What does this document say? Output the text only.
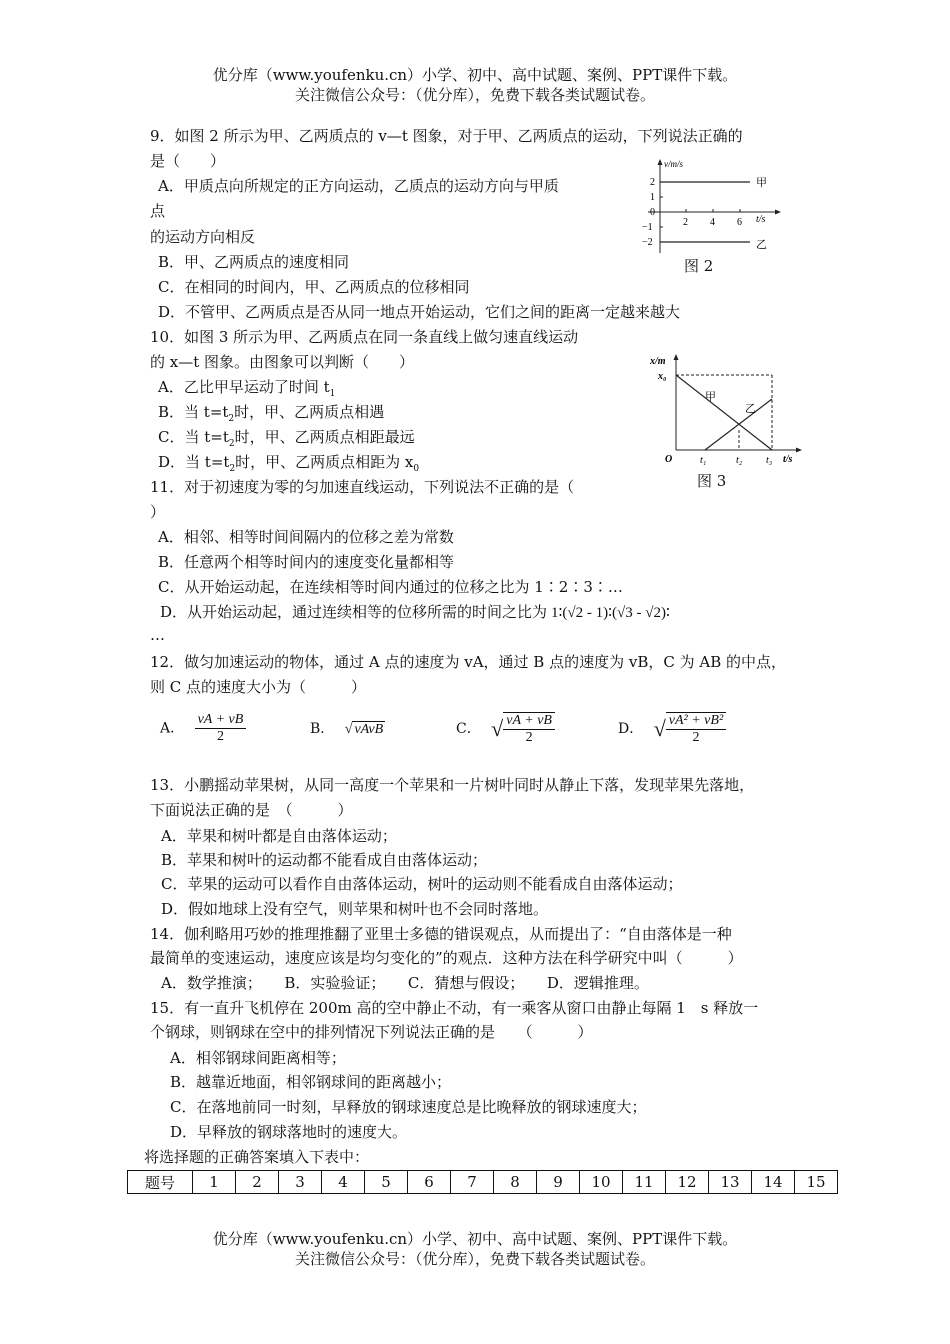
优分库（www.youfenku.cn）小学、初中、高中试题、案例、PPT课件下载。
关注微信公众号：（优分库），免费下载各类试题试卷。
9．如图 2 所示为甲、乙两质点的 v—t 图象，对于甲、乙两质点的运动，下列说法正确的
是（　　）
A．甲质点向所规定的正方向运动，乙质点的运动方向与甲质
点
的运动方向相反
B．甲、乙两质点的速度相同
C．在相同的时间内，甲、乙两质点的位移相同
D．不管甲、乙两质点是否从同一地点开始运动，它们之间的距离一定越来越大
v/m/s
t/s
2
1
0
−1
−2
2 4 6
甲
乙
图 2
10．如图 3 所示为甲、乙两质点在同一条直线上做匀速直线运动
的 x—t 图象。由图象可以判断（　　）
A．乙比甲早运动了时间 $t_1$
B．当 $t=t_2$时，甲、乙两质点相遇
C．当 $t=t_2$时，甲、乙两质点相距最远
D．当 $t=t_2$时，甲、乙两质点相距为 $x_0$
x/m
t/s
x₀
O	t₁	t₂ t₃
甲
乙
图 3
11．对于初速度为零的匀加速直线运动，下列说法不正确的是（
）
A．相邻、相等时间间隔内的位移之差为常数
B．任意两个相等时间内的速度变化量都相等
C．从开始运动起，在连续相等时间内通过的位移之比为 1∶2∶3∶…
D．从开始运动起，通过连续相等的位移所需的时间之比为 1∶(√2 - 1)∶(√3 - √2)∶
…
12．做匀加速运动的物体，通过 A 点的速度为 vA，通过 B 点的速度为 vB，C 为 AB 的中点，
则 C 点的速度大小为（　　　）
A． $\frac{vA + vB}{2}$	B． √ vAvB	C． √ $\frac{vA + vB}{2}$	D． √ $\frac{\text{vA² + vB²}}{2}$
13．小鹏摇动苹果树，从同一高度一个苹果和一片树叶同时从静止下落，发现苹果先落地，
下面说法正确的是　（　　　）
A．苹果和树叶都是自由落体运动；
B．苹果和树叶的运动都不能看成自由落体运动；
C．苹果的运动可以看作自由落体运动，树叶的运动则不能看成自由落体运动；
D．假如地球上没有空气，则苹果和树叶也不会同时落地。
14．伽利略用巧妙的推理推翻了亚里士多德的错误观点，从而提出了：“自由落体是一种
最简单的变速运动，速度应该是均匀变化的”的观点．这种方法在科学研究中叫（　　　）
A．数学推演；　　B．实验验证；　　C．猜想与假设；　　D．逻辑推理。
15．有一直升飞机停在 200m 高的空中静止不动，有一乘客从窗口由静止每隔 1　s 释放一
个钢球，则钢球在空中的排列情况下列说法正确的是　　（　　　）
A．相邻钢球间距离相等；
B．越靠近地面，相邻钢球间的距离越小；
C．在落地前同一时刻，早释放的钢球速度总是比晚释放的钢球速度大；
D．早释放的钢球落地时的速度大。
将选择题的正确答案填入下表中：
题号	1	2	3	4	5	6	7	8	9	10	11	12	13	14	15
优分库（www.youfenku.cn）小学、初中、高中试题、案例、PPT课件下载。
关注微信公众号：（优分库），免费下载各类试题试卷。
